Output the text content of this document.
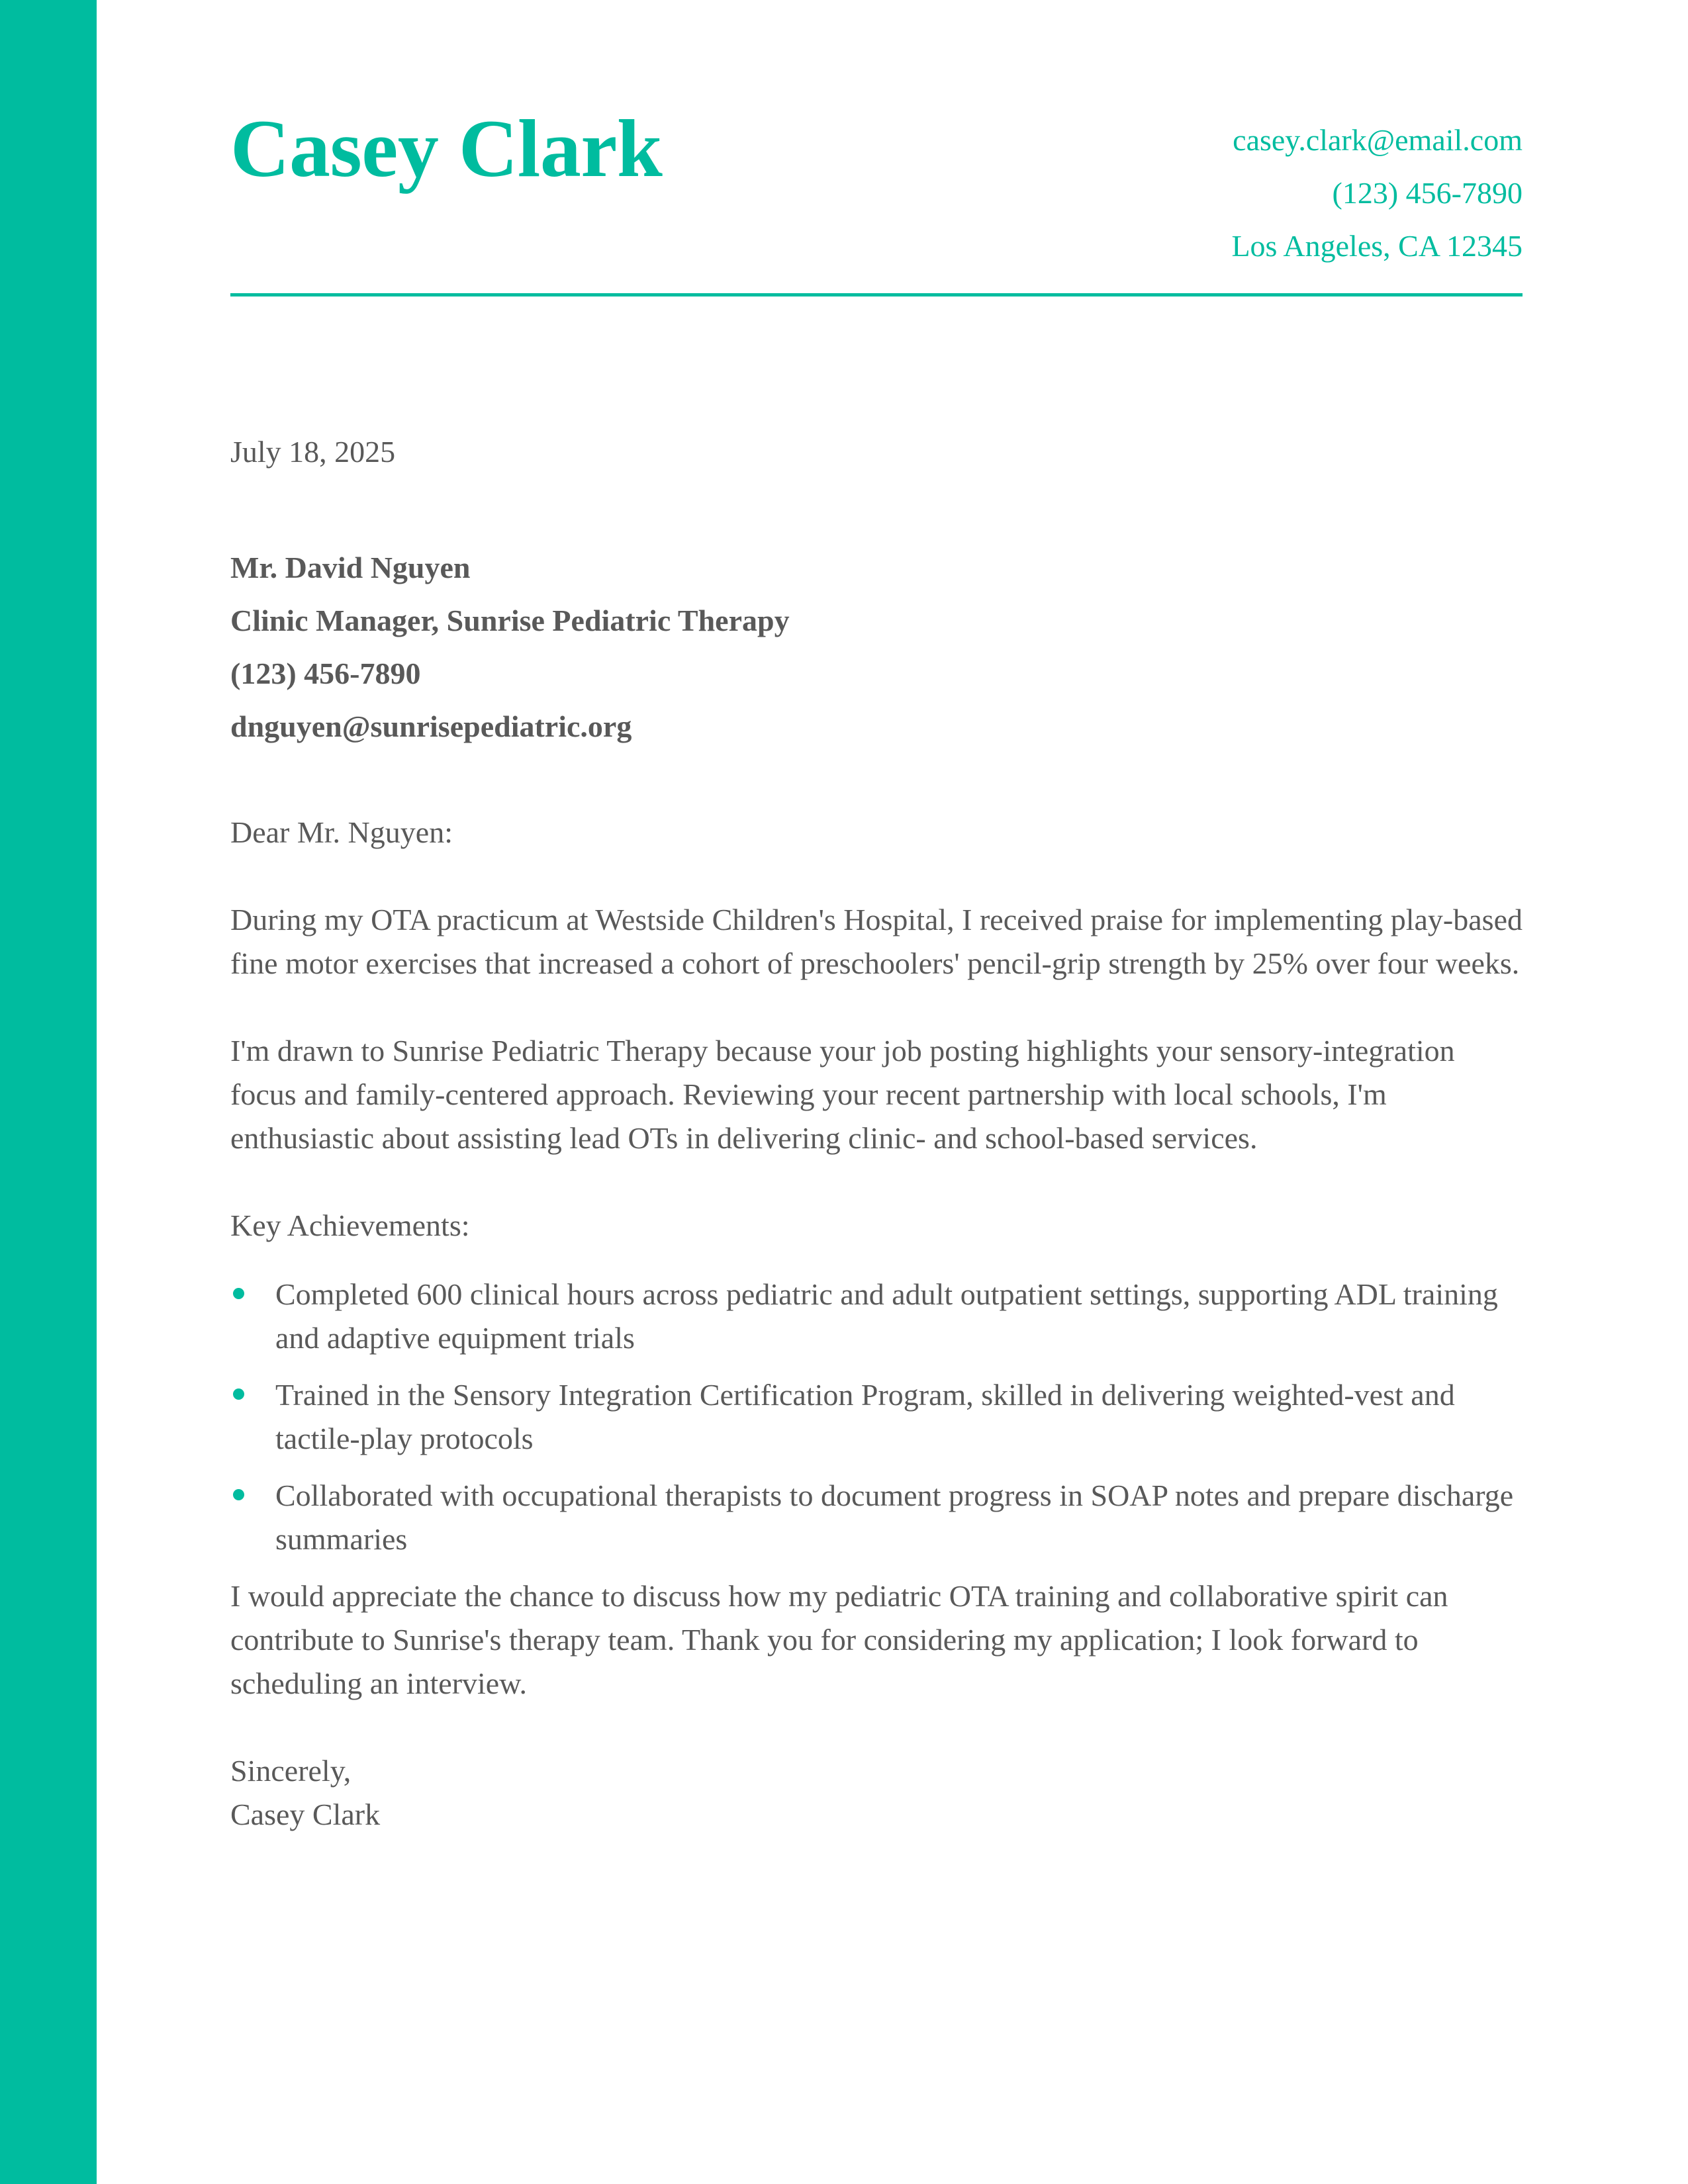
Casey Clark	casey.clark@email.com
(123) 456-7890
Los Angeles, CA 12345
July 18, 2025
Mr. David Nguyen
Clinic Manager, Sunrise Pediatric Therapy
(123) 456-7890
dnguyen@sunrisepediatric.org

Dear Mr. Nguyen:

During my OTA practicum at Westside Children's Hospital, I received praise for implementing play-based fine motor exercises that increased a cohort of preschoolers' pencil-grip strength by 25% over four weeks.

I'm drawn to Sunrise Pediatric Therapy because your job posting highlights your sensory-integration focus and family-centered approach. Reviewing your recent partnership with local schools, I'm enthusiastic about assisting lead OTs in delivering clinic- and school-based services.

Key Achievements:

Completed 600 clinical hours across pediatric and adult outpatient settings, supporting ADL training and adaptive equipment trials
Trained in the Sensory Integration Certification Program, skilled in delivering weighted-vest and tactile-play protocols
Collaborated with occupational therapists to document progress in SOAP notes and prepare discharge summaries

I would appreciate the chance to discuss how my pediatric OTA training and collaborative spirit can contribute to Sunrise's therapy team. Thank you for considering my application; I look forward to scheduling an interview.

Sincerely,

Casey Clark
